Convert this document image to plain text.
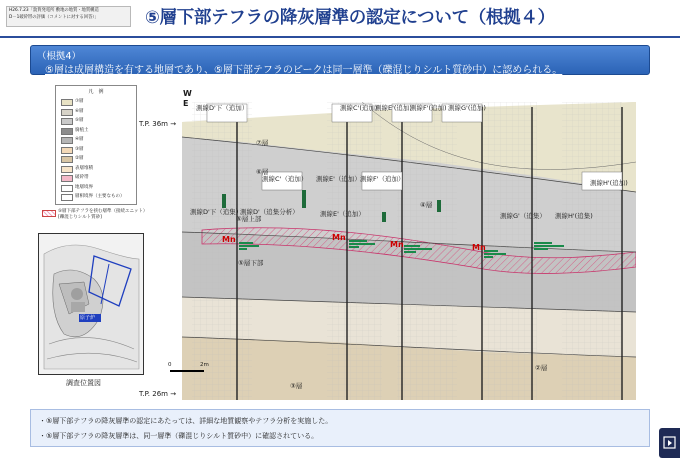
H26.7.23「敦賀発電所 敷地の地質・地質構造
D－1破砕帯の評価（コメントに対する回答）」	⑤層下部テフラの降灰層準の認定について（根拠４）
（根拠4）
⑤層は成層構造を有する地層であり、⑤層下部テフラのピークは同一層準（礫混じりシルト質砂中）に認められる。
凡　例
⑦層
⑥層
⑤層
腐植土
④層
③層
②層
表層堆積
破砕帯
地層境界
層相境界（主要なもの）
⑤層下部テフラを挟む層準（接続ユニット）
[礫混じりシルト質砂]
原子炉
調査位置図
W
E
T.P. 36m →
T.P. 26m →
Mn	Mn
Mn	Mn
測線D'下（追加）	測線C'(追加)
測線E'(追加)
測線F'(追加) 測線G'(追加)
測線C'（追加） 測線E'（追加） 測線F'（追加）	測線H'(追加)
測線D'下（追集）
測線D'（追集分析）	測線E'（追加）	測線G'（追集） 測線H'(追集)
⑦層
⑥層
⑤層上部
⑤層下部
④層
③層
②層
0	2m
・⑤層下部テフラの降灰層準の認定にあたっては、詳細な地質観察やテフラ分析を実施した。
・⑤層下部テフラの降灰層準は、同一層準（礫混じりシルト質砂中）に確認されている。
